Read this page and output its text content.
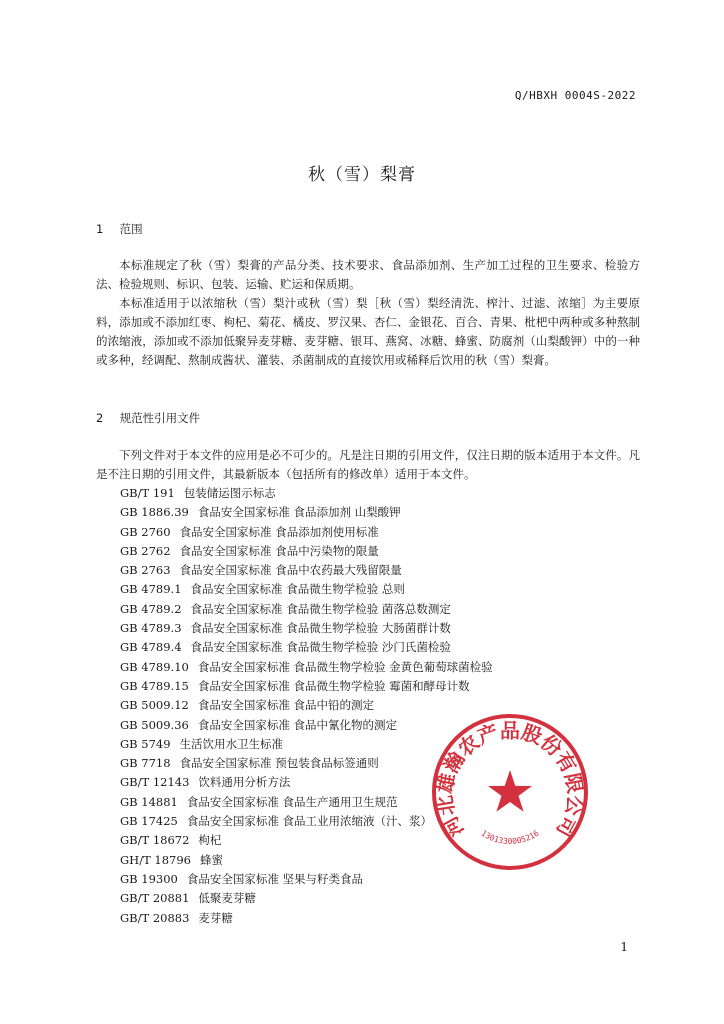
Q/HBXH 0004S-2022
秋（雪）梨膏
1 范围

本标准规定了秋（雪）梨膏的产品分类、技术要求、食品添加剂、生产加工过程的卫生要求、检验方法、检验规则、标识、包装、运输、贮运和保质期。

本标准适用于以浓缩秋（雪）梨汁或秋（雪）梨［秋（雪）梨经清洗、榨汁、过滤、浓缩］为主要原料，添加或不添加红枣、枸杞、菊花、橘皮、罗汉果、杏仁、金银花、百合、青果、枇杷中两种或多种熬制的浓缩液，添加或不添加低聚异麦芽糖、麦芽糖、银耳、燕窝、冰糖、蜂蜜、防腐剂（山梨酸钾）中的一种或多种，经调配、熬制成酱状、灌装、杀菌制成的直接饮用或稀释后饮用的秋（雪）梨膏。

2 规范性引用文件

下列文件对于本文件的应用是必不可少的。凡是注日期的引用文件，仅注日期的版本适用于本文件。凡是不注日期的引用文件，其最新版本（包括所有的修改单）适用于本文件。

GB/T 191 包装储运图示标志
GB 1886.39 食品安全国家标准 食品添加剂 山梨酸钾
GB 2760 食品安全国家标准 食品添加剂使用标准
GB 2762 食品安全国家标准 食品中污染物的限量
GB 2763 食品安全国家标准 食品中农药最大残留限量
GB 4789.1 食品安全国家标准 食品微生物学检验 总则
GB 4789.2 食品安全国家标准 食品微生物学检验 菌落总数测定
GB 4789.3 食品安全国家标准 食品微生物学检验 大肠菌群计数
GB 4789.4 食品安全国家标准 食品微生物学检验 沙门氏菌检验
GB 4789.10 食品安全国家标准 食品微生物学检验 金黄色葡萄球菌检验
GB 4789.15 食品安全国家标准 食品微生物学检验 霉菌和酵母计数
GB 5009.12 食品安全国家标准 食品中铅的测定
GB 5009.36 食品安全国家标准 食品中氰化物的测定
GB 5749 生活饮用水卫生标准
GB 7718 食品安全国家标准 预包装食品标签通则
GB/T 12143 饮料通用分析方法
GB 14881 食品安全国家标准 食品生产通用卫生规范
GB 17425 食品安全国家标准 食品工业用浓缩液（汁、浆）
GB/T 18672 枸杞
GH/T 18796 蜂蜜
GB 19300 食品安全国家标准 坚果与籽类食品
GB/T 20881 低聚麦芽糖
GB/T 20883 麦芽糖
河北雄瀚农产品股份有限公司
1301330005216
1
